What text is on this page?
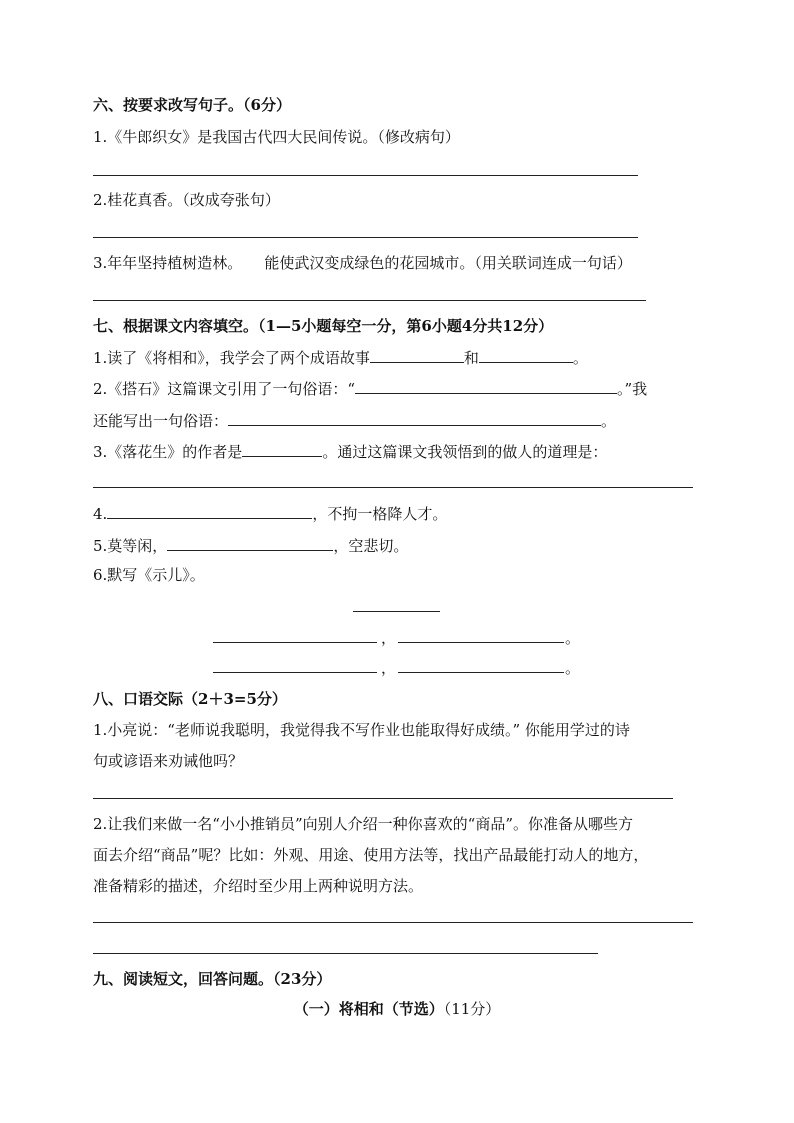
六、按要求改写句子。（6分）
1.《牛郎织女》是我国古代四大民间传说。（修改病句）
2.桂花真香。（改成夸张句）
3.年年坚持植树造林。 能使武汉变成绿色的花园城市。（用关联词连成一句话）
七、根据课文内容填空。（1—5小题每空一分，第6小题4分共12分）
1.读了《将相和》，我学会了两个成语故事	和	。
2.《搭石》这篇课文引用了一句俗语：“	。”我
还能写出一句俗语：	。
3.《落花生》的作者是	。通过这篇课文我领悟到的做人的道理是：
4.	，不拘一格降人才。
5.莫等闲，	，空悲切。
6.默写《示儿》。
，	。
，	。
八、口语交际（2＋3=5分）
1.小亮说：“老师说我聪明，我觉得我不写作业也能取得好成绩。” 你能用学过的诗
句或谚语来劝诫他吗？
2.让我们来做一名“小小推销员”向别人介绍一种你喜欢的“商品”。你准备从哪些方
面去介绍“商品”呢？比如：外观、用途、使用方法等，找出产品最能打动人的地方，
准备精彩的描述，介绍时至少用上两种说明方法。
九、阅读短文，回答问题。（23分）
（一）将相和（节选）（11分）
